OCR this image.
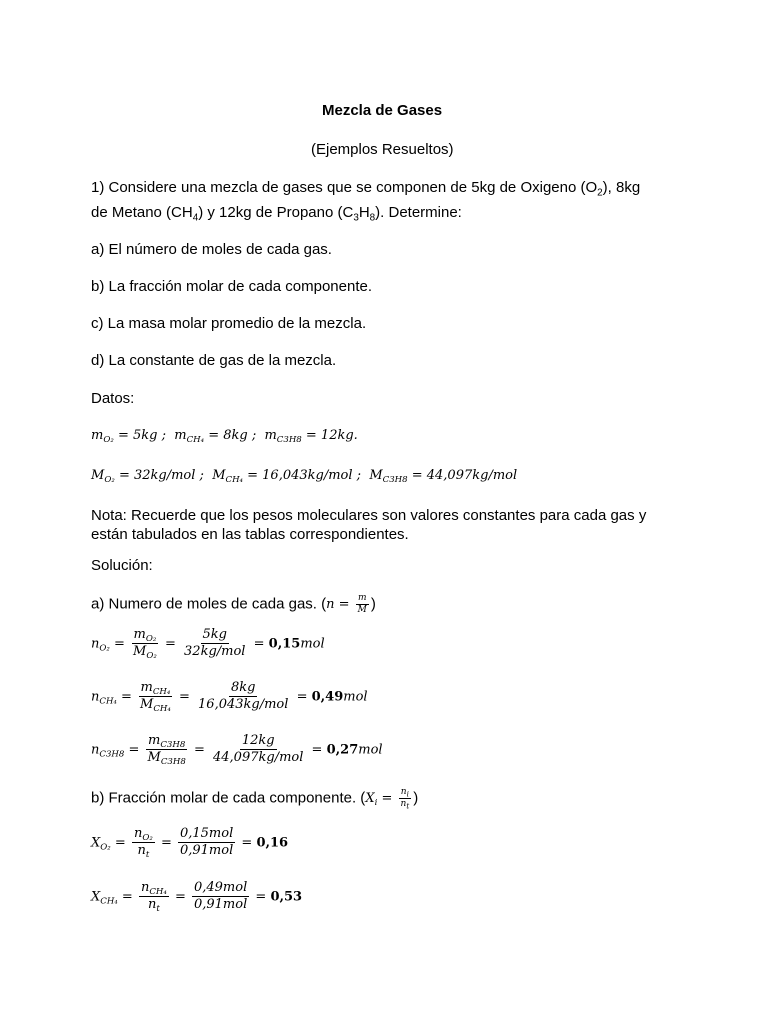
Mezcla de Gases
(Ejemplos Resueltos)
1) Considere una mezcla de gases que se componen de 5kg de Oxigeno $(O_2)$, 8kg
de Metano $(CH_4)$ y 12kg de Propano $(C_3H_8)$. Determine:
a) El número de moles de cada gas.
b) La fracción molar de cada componente.
c) La masa molar promedio de la mezcla.
d) La constante de gas de la mezcla.
Datos:
$m_{O_2} = 5kg$ ; $m_{CH_4} = 8kg$ ; $m_{C3H8} = 12kg$.
$M_{O_2} = 32kg/mol$ ; $M_{CH_4} = 16,043kg/mol$ ; $M_{C3H8} = 44,097kg/mol$
Nota: Recuerde que los pesos moleculares son valores constantes para cada gas y
están tabulados en las tablas correspondientes.
Solución:
a) Numero de moles de cada gas. ($n = \frac{m}{M}$ )
$n_{O_2} = \frac{m_{O_2}}{M_{O_2}} = \frac{5kg}{\text{32kg/mol}} = 0,15mol$
$n_{CH_4} = \frac{m_{CH_4}}{M_{CH_4}} = \frac{8kg}{\text{16,043kg/mol}} = 0,49mol$
$n_{C3H8} = \frac{m_{C3H8}}{M_{C3H8}} = \frac{12kg}{\text{44,097kg/mol}} = 0,27mol$
b) Fracción molar de cada componente. ($X_i = \frac{n_i}{n_t}$ )
$X_{O_2} = \frac{n_{O_2}}{n_t} = \frac{\text{0,15mol}}{\text{0,91mol}} = 0,16$
$X_{CH_4} = \frac{n_{CH_4}}{n_t} = \frac{\text{0,49mol}}{\text{0,91mol}} = 0,53$
